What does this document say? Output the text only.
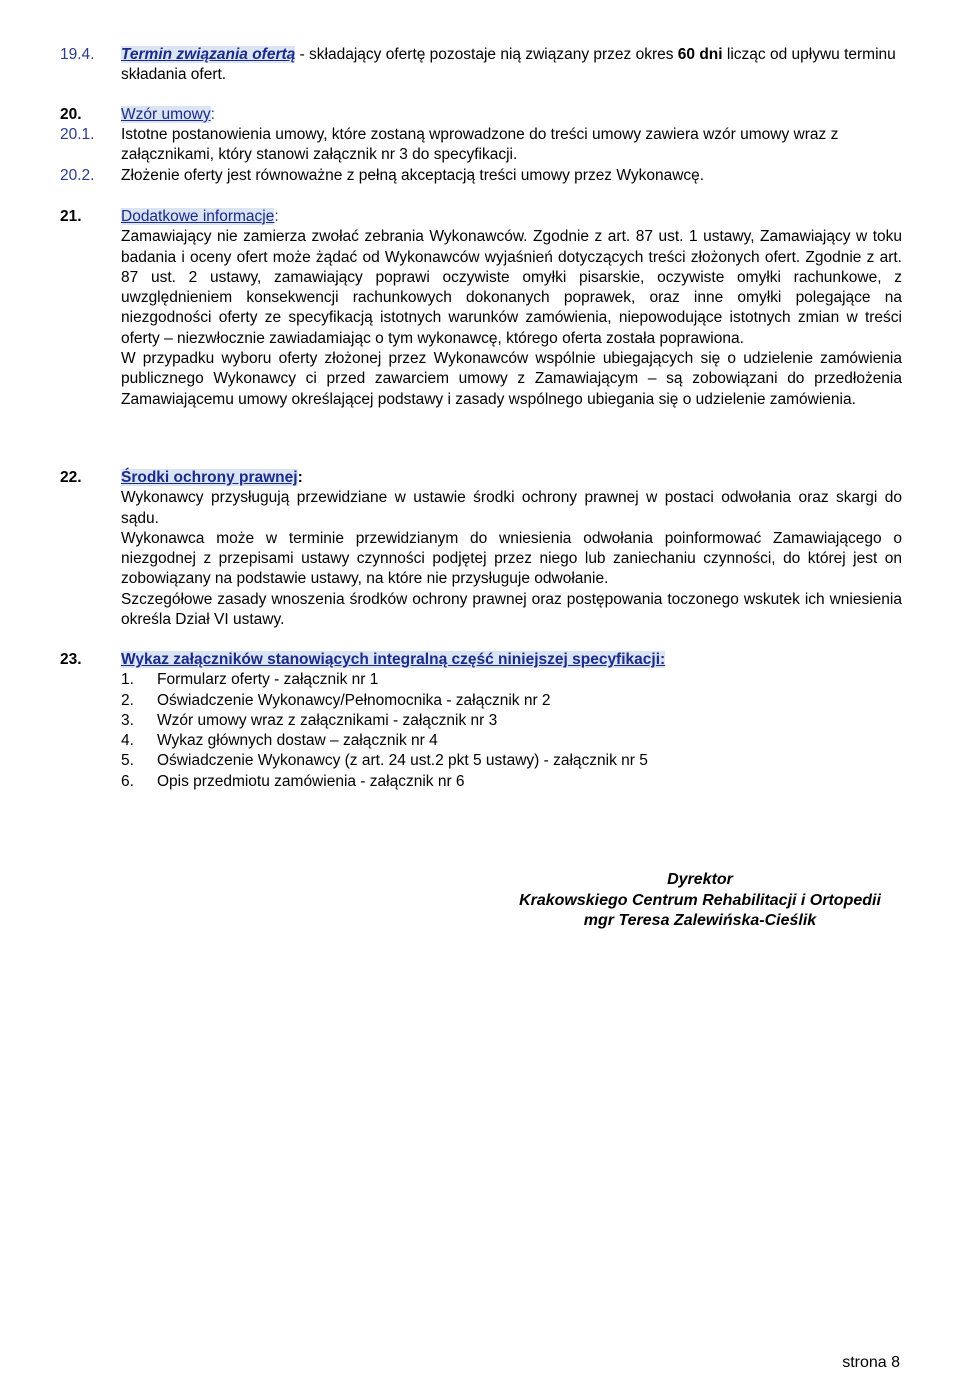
19.4.	Termin związania ofertą - składający ofertę pozostaje nią związany przez okres 60 dni licząc od upływu terminu składania ofert.

20.	Wzór umowy:

20.1.	Istotne postanowienia umowy, które zostaną wprowadzone do treści umowy zawiera wzór umowy wraz z załącznikami, który stanowi załącznik nr 3 do specyfikacji.

20.2.	Złożenie oferty jest równoważne z pełną akceptacją treści umowy przez Wykonawcę.

21.	Dodatkowe informacje:

Zamawiający nie zamierza zwołać zebrania Wykonawców. Zgodnie z art. 87 ust. 1 ustawy, Zamawiający w toku badania i oceny ofert może żądać od Wykonawców wyjaśnień dotyczących treści złożonych ofert. Zgodnie z art. 87 ust. 2 ustawy, zamawiający poprawi oczywiste omyłki pisarskie, oczywiste omyłki rachunkowe, z uwzględnieniem konsekwencji rachunkowych dokonanych poprawek, oraz inne omyłki polegające na niezgodności oferty ze specyfikacją istotnych warunków zamówienia, niepowodujące istotnych zmian w treści oferty – niezwłocznie zawiadamiając o tym wykonawcę, którego oferta została poprawiona.

W przypadku wyboru oferty złożonej przez Wykonawców wspólnie ubiegających się o udzielenie zamówienia publicznego Wykonawcy ci przed zawarciem umowy z Zamawiającym – są zobowiązani do przedłożenia Zamawiającemu umowy określającej podstawy i zasady wspólnego ubiegania się o udzielenie zamówienia.

22.	Środki ochrony prawnej:

Wykonawcy przysługują przewidziane w ustawie środki ochrony prawnej w postaci odwołania oraz skargi do sądu.

Wykonawca może w terminie przewidzianym do wniesienia odwołania poinformować Zamawiającego o niezgodnej z przepisami ustawy czynności podjętej przez niego lub zaniechaniu czynności, do której jest on zobowiązany na podstawie ustawy, na które nie przysługuje odwołanie.

Szczegółowe zasady wnoszenia środków ochrony prawnej oraz postępowania toczonego wskutek ich wniesienia określa Dział VI ustawy.

23.	Wykaz załączników stanowiących integralną część niniejszej specyfikacji:

1. Formularz oferty - załącznik nr 1
2. Oświadczenie Wykonawcy/Pełnomocnika - załącznik nr 2
3. Wzór umowy wraz z załącznikami - załącznik nr 3
4. Wykaz głównych dostaw – załącznik nr 4
5. Oświadczenie Wykonawcy (z art. 24 ust.2 pkt 5 ustawy) - załącznik nr 5
6. Opis przedmiotu zamówienia - załącznik nr 6
Dyrektor
Krakowskiego Centrum Rehabilitacji i Ortopedii
mgr Teresa Zalewińska-Cieślik
strona 8
